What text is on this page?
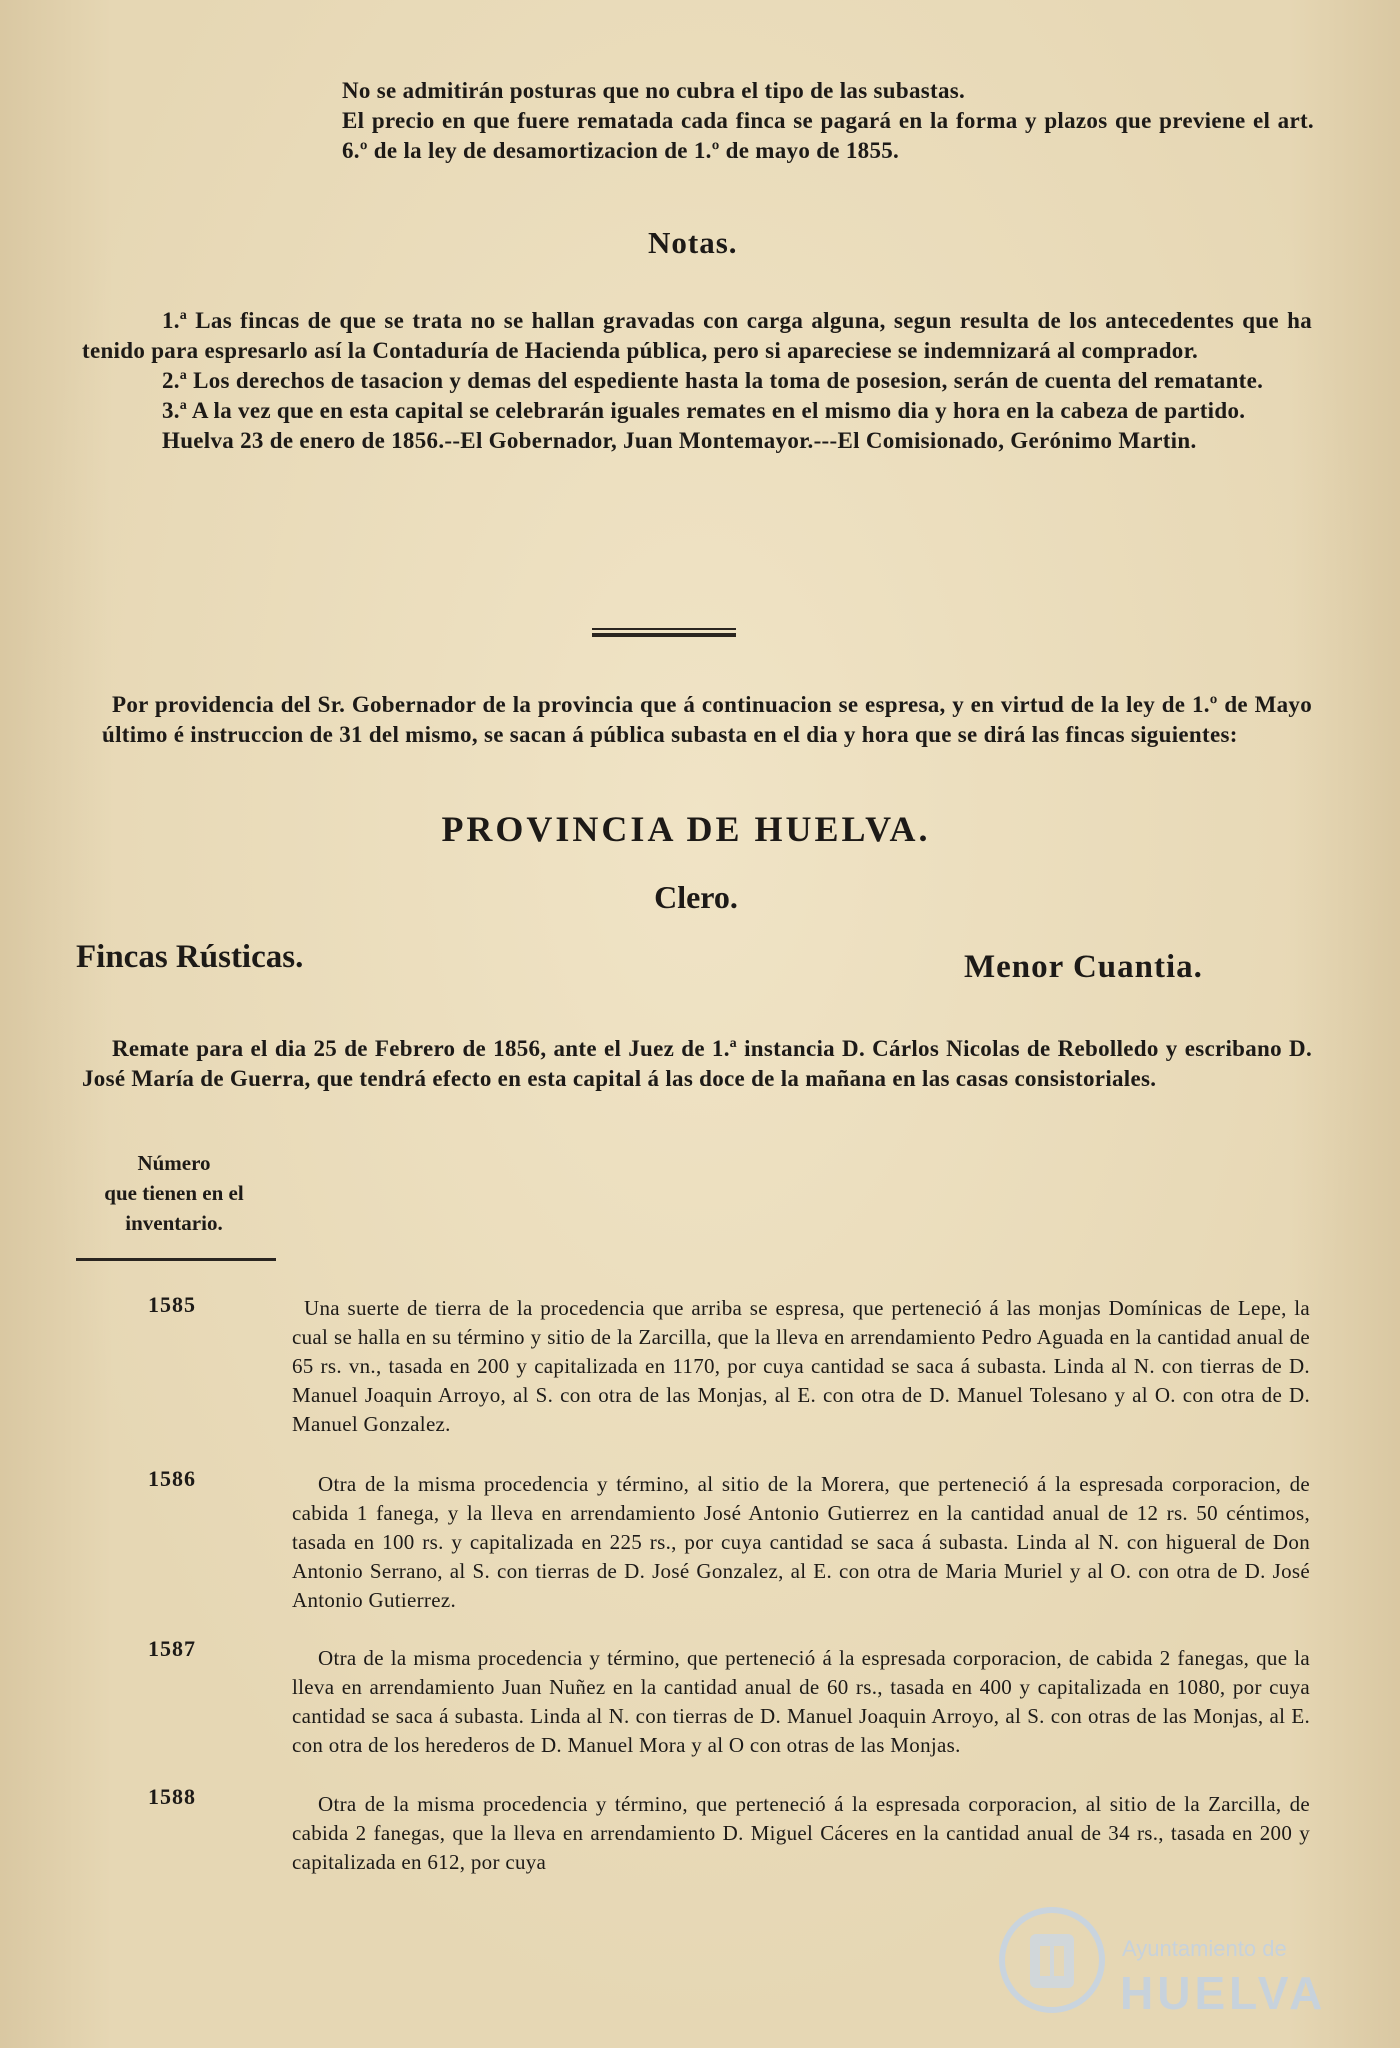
No se admitirán posturas que no cubra el tipo de las subastas.

El precio en que fuere rematada cada finca se pagará en la forma y plazos que previene el art. 6.º de la ley de desamortizacion de 1.º de mayo de 1855.

Notas.

1.ª Las fincas de que se trata no se hallan gravadas con carga alguna, segun resulta de los antecedentes que ha tenido para espresarlo así la Contaduría de Hacienda pública, pero si apareciese se indemnizará al comprador.

2.ª Los derechos de tasacion y demas del espediente hasta la toma de posesion, serán de cuenta del rematante.

3.ª A la vez que en esta capital se celebrarán iguales remates en el mismo dia y hora en la cabeza de partido.

Huelva 23 de enero de 1856.--El Gobernador, Juan Montemayor.---El Comisionado, Gerónimo Martin.

Por providencia del Sr. Gobernador de la provincia que á continuacion se espresa, y en virtud de la ley de 1.º de Mayo último é instruccion de 31 del mismo, se sacan á pública subasta en el dia y hora que se dirá las fincas siguientes:

PROVINCIA DE HUELVA.
Clero.
Fincas Rústicas.	Menor Cuantia.

Remate para el dia 25 de Febrero de 1856, ante el Juez de 1.ª instancia D. Cárlos Nicolas de Rebolledo y escribano D. José María de Guerra, que tendrá efecto en esta capital á las doce de la mañana en las casas consistoriales.

Número
que tienen en el
inventario.
1585	Una suerte de tierra de la procedencia que arriba se espresa, que perteneció á las monjas Domínicas de Lepe, la cual se halla en su término y sitio de la Zarcilla, que la lleva en arrendamiento Pedro Aguada en la cantidad anual de 65 rs. vn., tasada en 200 y capitalizada en 1170, por cuya cantidad se saca á subasta. Linda al N. con tierras de D. Manuel Joaquin Arroyo, al S. con otra de las Monjas, al E. con otra de D. Manuel Tolesano y al O. con otra de D. Manuel Gonzalez.
1586	Otra de la misma procedencia y término, al sitio de la Morera, que perteneció á la espresada corporacion, de cabida 1 fanega, y la lleva en arrendamiento José Antonio Gutierrez en la cantidad anual de 12 rs. 50 céntimos, tasada en 100 rs. y capitalizada en 225 rs., por cuya cantidad se saca á subasta. Linda al N. con higueral de Don Antonio Serrano, al S. con tierras de D. José Gonzalez, al E. con otra de Maria Muriel y al O. con otra de D. José Antonio Gutierrez.
1587	Otra de la misma procedencia y término, que perteneció á la espresada corporacion, de cabida 2 fanegas, que la lleva en arrendamiento Juan Nuñez en la cantidad anual de 60 rs., tasada en 400 y capitalizada en 1080, por cuya cantidad se saca á subasta. Linda al N. con tierras de D. Manuel Joaquin Arroyo, al S. con otras de las Monjas, al E. con otra de los herederos de D. Manuel Mora y al O con otras de las Monjas.
1588	Otra de la misma procedencia y término, que perteneció á la espresada corporacion, al sitio de la Zarcilla, de cabida 2 fanegas, que la lleva en arrendamiento D. Miguel Cáceres en la cantidad anual de 34 rs., tasada en 200 y capitalizada en 612, por cuya
Ayuntamiento de
HUELVA
